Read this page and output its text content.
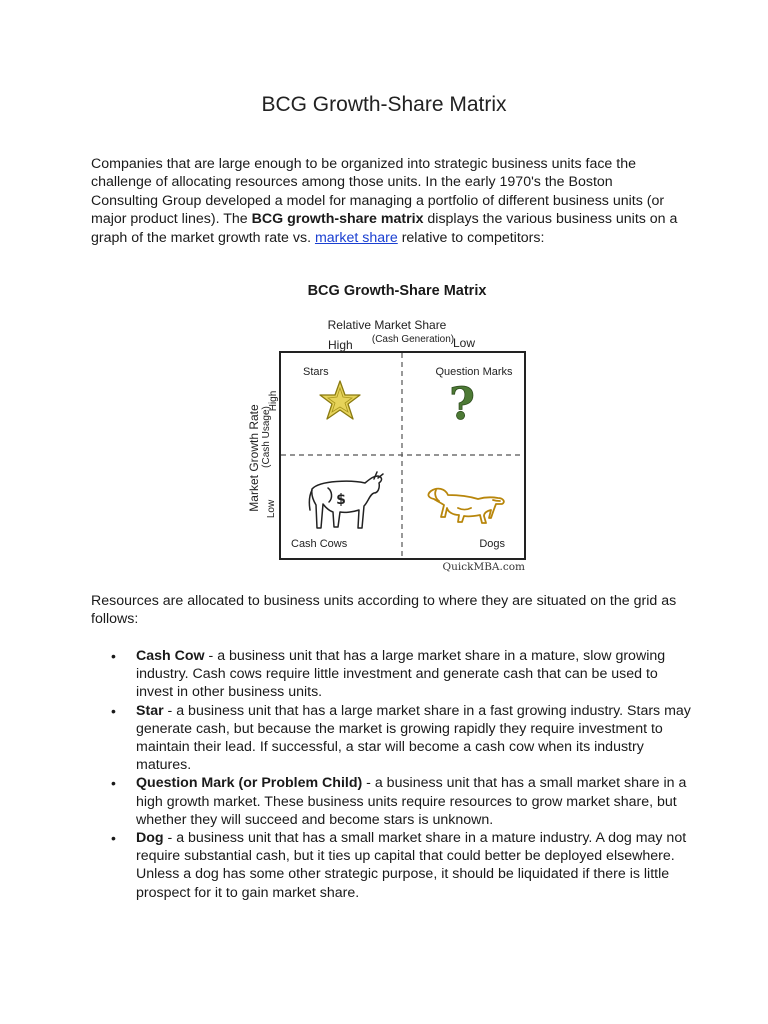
BCG Growth-Share Matrix

Companies that are large enough to be organized into strategic business units face the challenge of allocating resources among those units. In the early 1970's the Boston Consulting Group developed a model for managing a portfolio of different business units (or major product lines). The BCG growth-share matrix displays the various business units on a graph of the market growth rate vs. market share relative to competitors:

BCG Growth-Share Matrix

Relative Market Share
High (Cash Generation)
Low
Market Growth Rate (Cash Usage)
High
Low
Stars	Question Marks
Cash Cows	Dogs
?
$
QuickMBA.com

Resources are allocated to business units according to where they are situated on the grid as follows:

• Cash Cow - a business unit that has a large market share in a mature, slow growing industry. Cash cows require little investment and generate cash that can be used to invest in other business units.
• Star - a business unit that has a large market share in a fast growing industry. Stars may generate cash, but because the market is growing rapidly they require investment to maintain their lead. If successful, a star will become a cash cow when its industry matures.
• Question Mark (or Problem Child) - a business unit that has a small market share in a high growth market. These business units require resources to grow market share, but whether they will succeed and become stars is unknown.
• Dog - a business unit that has a small market share in a mature industry. A dog may not require substantial cash, but it ties up capital that could better be deployed elsewhere. Unless a dog has some other strategic purpose, it should be liquidated if there is little prospect for it to gain market share.
